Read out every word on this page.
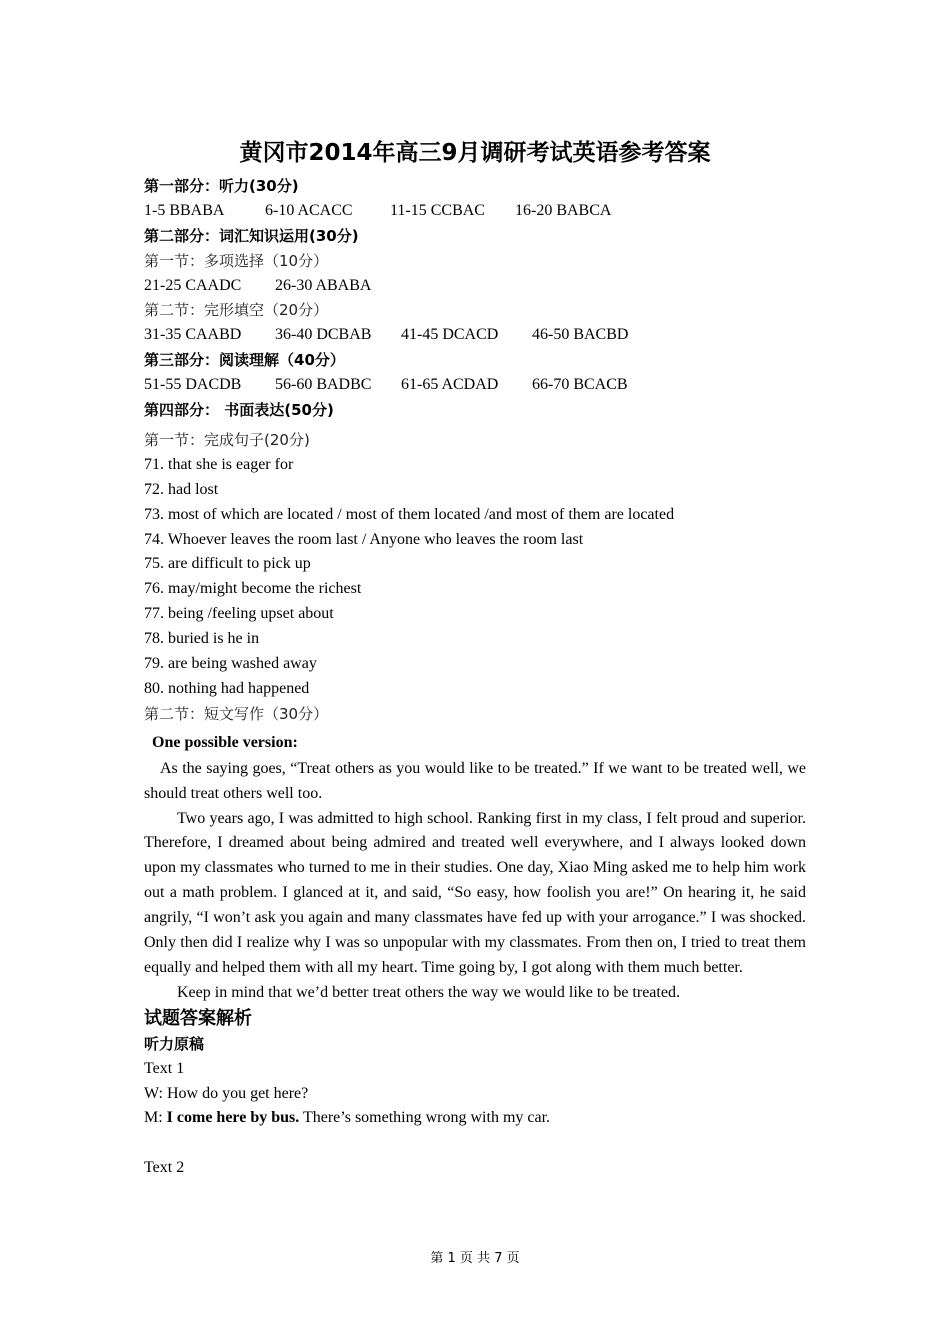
黄冈市2014年高三9月调研考试英语参考答案
第一部分：听力(30分)
1-5 BBABA	6-10 ACACC 11-15 CCBAC 16-20 BABCA
第二部分：词汇知识运用(30分)
第一节：多项选择（10分）
21-25 CAADC 26-30 ABABA
第二节：完形填空（20分）
31-35 CAABD 36-40 DCBAB 41-45 DCACD 46-50 BACBD
第三部分：阅读理解（40分）
51-55 DACDB 56-60 BADBC 61-65 ACDAD 66-70 BCACB
第四部分： 书面表达(50分)
第一节：完成句子(20分)
71. that she is eager for
72. had lost
73. most of which are located / most of them located /and most of them are located
74. Whoever leaves the room last / Anyone who leaves the room last
75. are difficult to pick up
76. may/might become the richest
77. being /feeling upset about
78. buried is he in
79. are being washed away
80. nothing had happened
第二节：短文写作（30分）
One possible version:

As the saying goes, “Treat others as you would like to be treated.” If we want to be treated well, we should treat others well too.

Two years ago, I was admitted to high school. Ranking first in my class, I felt proud and superior. Therefore, I dreamed about being admired and treated well everywhere, and I always looked down upon my classmates who turned to me in their studies. One day, Xiao Ming asked me to help him work out a math problem. I glanced at it, and said, “So easy, how foolish you are!” On hearing it, he said angrily, “I won’t ask you again and many classmates have fed up with your arrogance.” I was shocked. Only then did I realize why I was so unpopular with my classmates. From then on, I tried to treat them equally and helped them with all my heart. Time going by, I got along with them much better.

Keep in mind that we’d better treat others the way we would like to be treated.

试题答案解析
听力原稿
Text 1
W: How do you get here?
M: I come here by bus. There’s something wrong with my car.
Text 2
第 1 页 共 7 页
